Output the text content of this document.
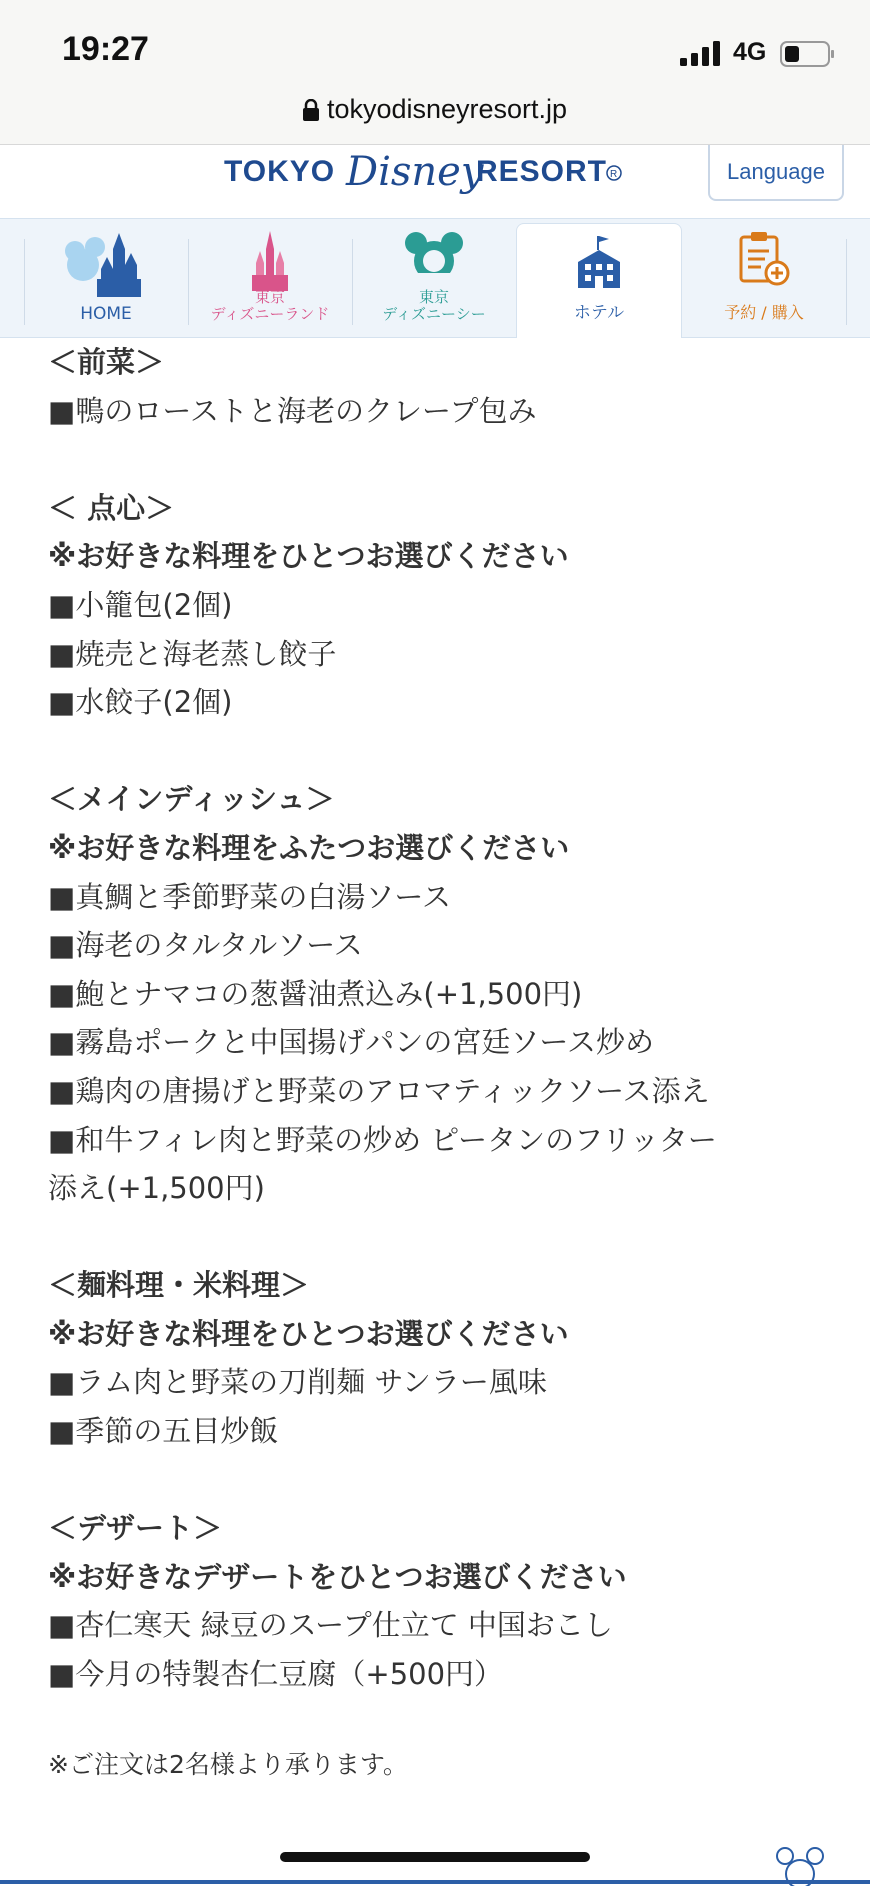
19:27	4G
tokyodisneyresort.jp
TOKYO Disney
RESORT R	Language
HOME
東京
ディズニーランド
東京
ディズニーシー	ホテル	予約 / 購入
＜前菜＞
■鴨のローストと海老のクレープ包み
＜ 点心＞
※お好きな料理をひとつお選びください
■小籠包(2個)
■焼売と海老蒸し餃子
■水餃子(2個)
＜メインディッシュ＞
※お好きな料理をふたつお選びください
■真鯛と季節野菜の白湯ソース
■海老のタルタルソース
■鮑とナマコの葱醤油煮込み(+1,500円)
■霧島ポークと中国揚げパンの宮廷ソース炒め
■鶏肉の唐揚げと野菜のアロマティックソース添え
■和牛フィレ肉と野菜の炒め ピータンのフリッター
添え(+1,500円)
＜麺料理・米料理＞
※お好きな料理をひとつお選びください
■ラム肉と野菜の刀削麺 サンラー風味
■季節の五目炒飯
＜デザート＞
※お好きなデザートをひとつお選びください
■杏仁寒天 緑豆のスープ仕立て 中国おこし
■今月の特製杏仁豆腐（+500円）
※ご注文は2名様より承ります。
